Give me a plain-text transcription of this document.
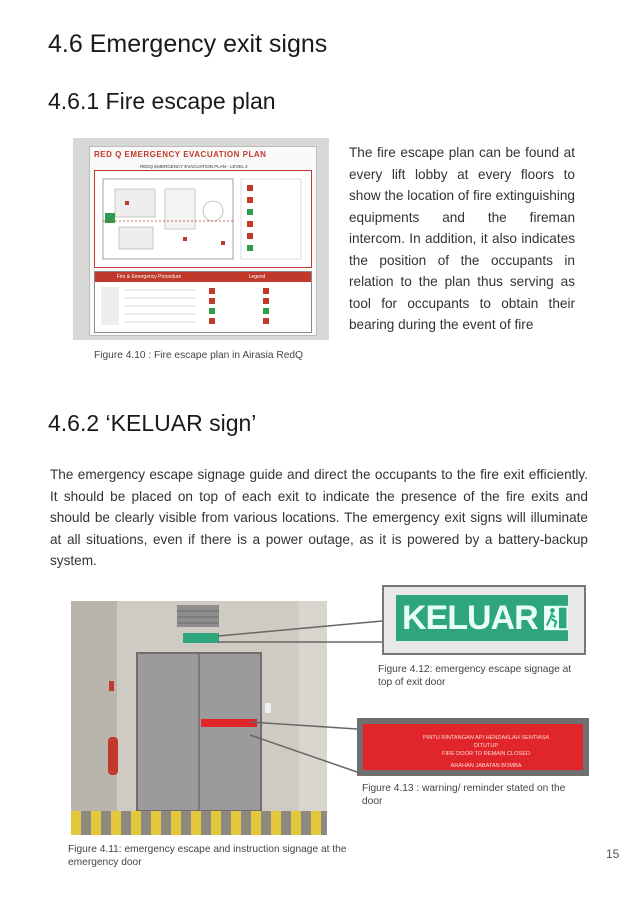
4.6 Emergency exit signs
4.6.1 Fire escape plan
RED Q EMERGENCY EVACUATION PLAN
REDQ EMERGENCY EVACUATION PLAN - LEVEL 4
Fire & Emergency Procedure	Legend
Figure 4.10 : Fire escape plan in Airasia RedQ
The fire escape plan can be found at every lift lobby at every floors to show the location of fire extinguishing equipments and the fireman intercom. In addition, it also indicates the position of the occupants in relation to the plan thus serving as tool for occupants to obtain their bearing during the event of fire
4.6.2 ‘KELUAR sign’
The emergency escape signage guide and direct the occupants to the fire exit efficiently. It should be placed on top of each exit to indicate the presence of the fire exits and should be clearly visible from various locations. The emergency exit signs will illuminate at all situations, even if there is a power outage, as it is powered by a battery-backup system.
Figure 4.11: emergency escape and instruction signage at the emergency door
KELUAR
Figure 4.12: emergency escape signage at top of exit door
PINTU RINTANGAN API HENDAKLAH SENTIASA DITUTUP
FIRE DOOR TO REMAIN CLOSED
ARAHAN JABATAN BOMBA
Figure 4.13 : warning/ reminder stated on the door
15
